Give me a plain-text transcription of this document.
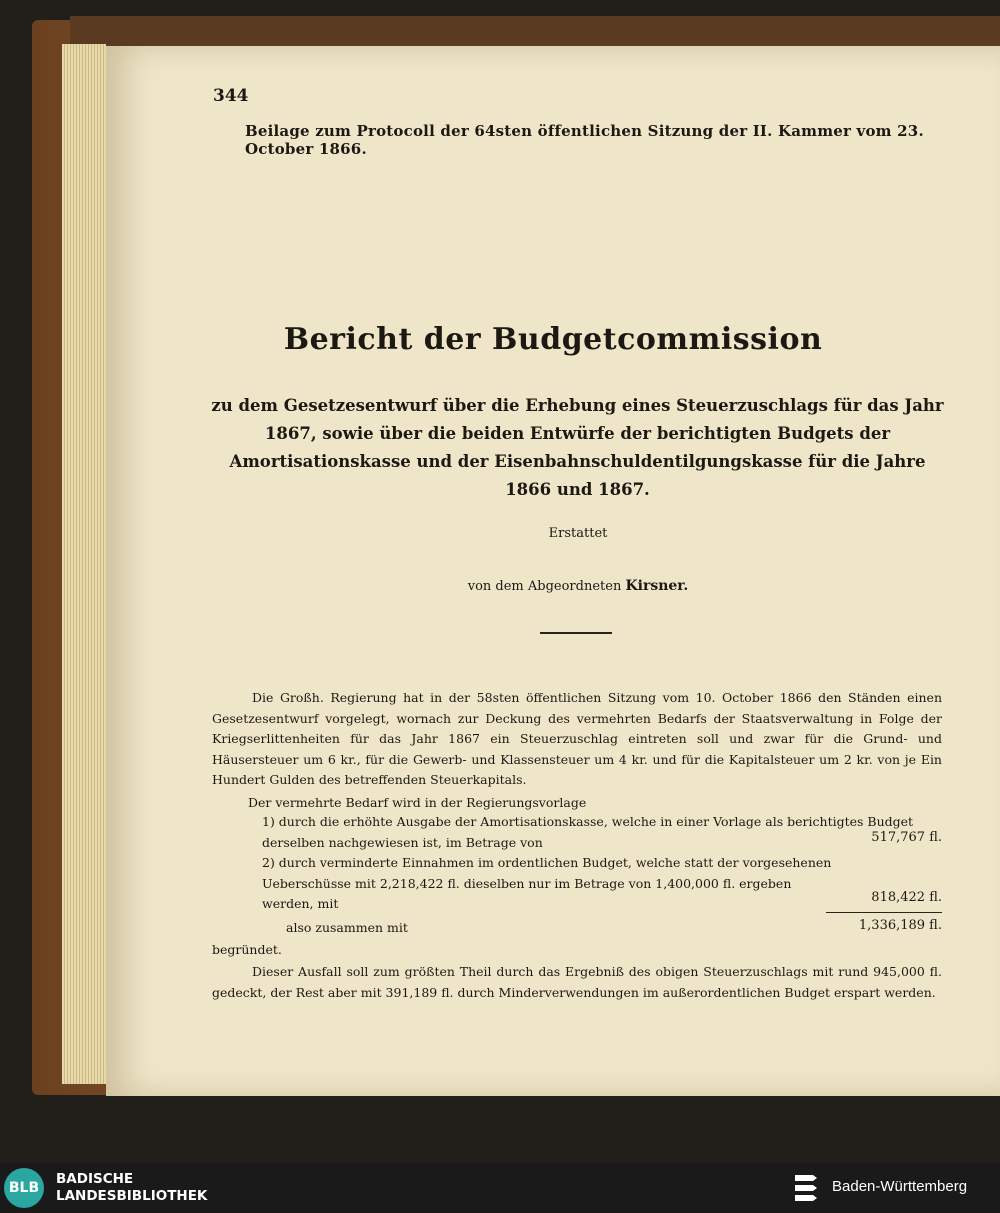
344
Beilage zum Protocoll der 64sten öffentlichen Sitzung der II. Kammer vom 23. October 1866.
Bericht der Budgetcommission
zu dem Gesetzesentwurf über die Erhebung eines Steuerzuschlags für das Jahr 1867, sowie über die beiden Entwürfe der berichtigten Budgets der Amortisationskasse und der Eisenbahnschuldentilgungskasse für die Jahre 1866 und 1867.
Erstattet
von dem Abgeordneten Kirsner.
Die Großh. Regierung hat in der 58sten öffentlichen Sitzung vom 10. October 1866 den Ständen einen Gesetzesentwurf vorgelegt, wornach zur Deckung des vermehrten Bedarfs der Staatsverwaltung in Folge der Kriegserlittenheiten für das Jahr 1867 ein Steuerzuschlag eintreten soll und zwar für die Grund- und Häusersteuer um 6 kr., für die Gewerb- und Klassensteuer um 4 kr. und für die Kapitalsteuer um 2 kr. von je Ein Hundert Gulden des betreffenden Steuerkapitals.
Der vermehrte Bedarf wird in der Regierungsvorlage
1) durch die erhöhte Ausgabe der Amortisationskasse, welche in einer Vorlage als berichtigtes Budget derselben nachgewiesen ist, im Betrage von	517,767 fl.
2) durch verminderte Einnahmen im ordentlichen Budget, welche statt der vorgesehenen Ueberschüsse mit 2,218,422 fl. dieselben nur im Betrage von 1,400,000 fl. ergeben werden, mit	818,422 fl.
also zusammen mit	1,336,189 fl.
begründet.
Dieser Ausfall soll zum größten Theil durch das Ergebniß des obigen Steuerzuschlags mit rund 945,000 fl. gedeckt, der Rest aber mit 391,189 fl. durch Minderverwendungen im außerordentlichen Budget erspart werden.
BLB
BADISCHE
LANDESBIBLIOTHEK
Baden-Württemberg
